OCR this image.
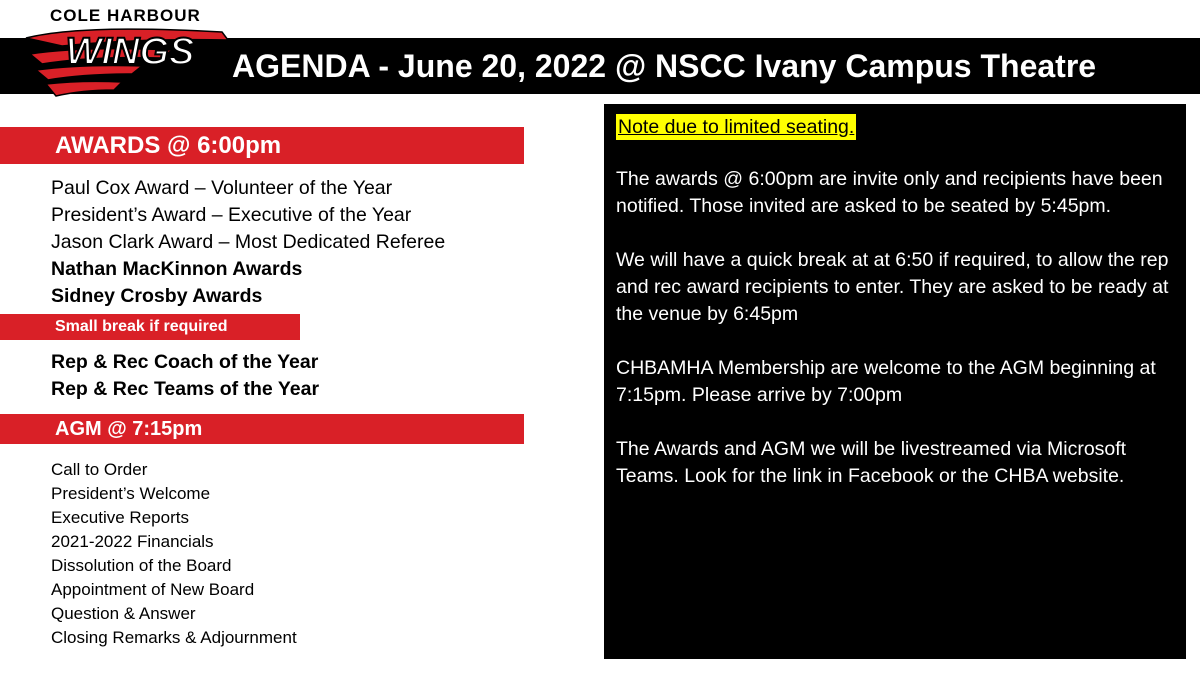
AGENDA - June 20, 2022 @ NSCC Ivany Campus Theatre
COLE HARBOUR
WINGS
AWARDS @ 6:00pm
Paul Cox Award – Volunteer of the Year
President’s Award – Executive of the Year
Jason Clark Award – Most Dedicated Referee
Nathan MacKinnon Awards
Sidney Crosby Awards
Small break if required
Rep & Rec Coach of the Year
Rep & Rec Teams of the Year
AGM @ 7:15pm
Call to Order
President’s Welcome
Executive Reports
2021-2022 Financials
Dissolution of the Board
Appointment of New Board
Question & Answer
Closing Remarks & Adjournment
Note due to limited seating.

The awards @ 6:00pm are invite only and recipients have been notified. Those invited are asked to be seated by 5:45pm.

We will have a quick break at at 6:50 if required, to allow the rep and rec award recipients to enter. They are asked to be ready at the venue by 6:45pm

CHBAMHA Membership are welcome to the AGM beginning at 7:15pm. Please arrive by 7:00pm

The Awards and AGM we will be livestreamed via Microsoft Teams. Look for the link in Facebook or the CHBA website.
